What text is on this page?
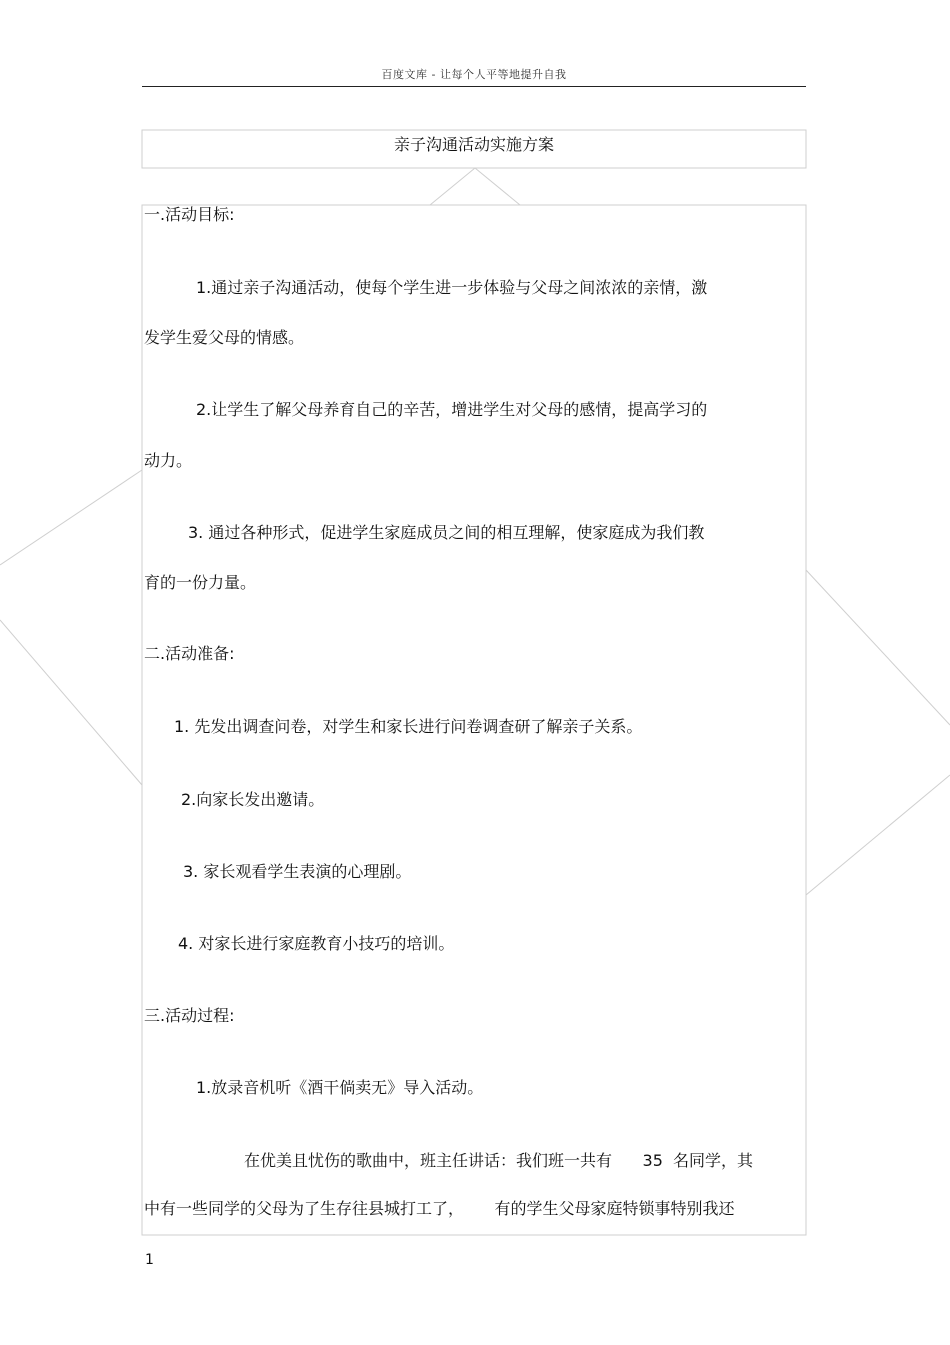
百度文库 - 让每个人平等地提升自我
亲子沟通活动实施方案
一.活动目标:
1.通过亲子沟通活动，使每个学生进一步体验与父母之间浓浓的亲情，激
发学生爱父母的情感。
2.让学生了解父母养育自己的辛苦，增进学生对父母的感情，提高学习的
动力。
3. 通过各种形式，促进学生家庭成员之间的相互理解，使家庭成为我们教
育的一份力量。
二.活动准备:
1. 先发出调查问卷，对学生和家长进行问卷调查研了解亲子关系。
2.向家长发出邀请。
3. 家长观看学生表演的心理剧。
4. 对家长进行家庭教育小技巧的培训。
三.活动过程:
1.放录音机听《酒干倘卖无》导入活动。
在优美且忧伤的歌曲中，班主任讲话：我们班一共有      35  名同学，其
中有一些同学的父母为了生存往县城打工了，      有的学生父母家庭特锁事特别我还
1
